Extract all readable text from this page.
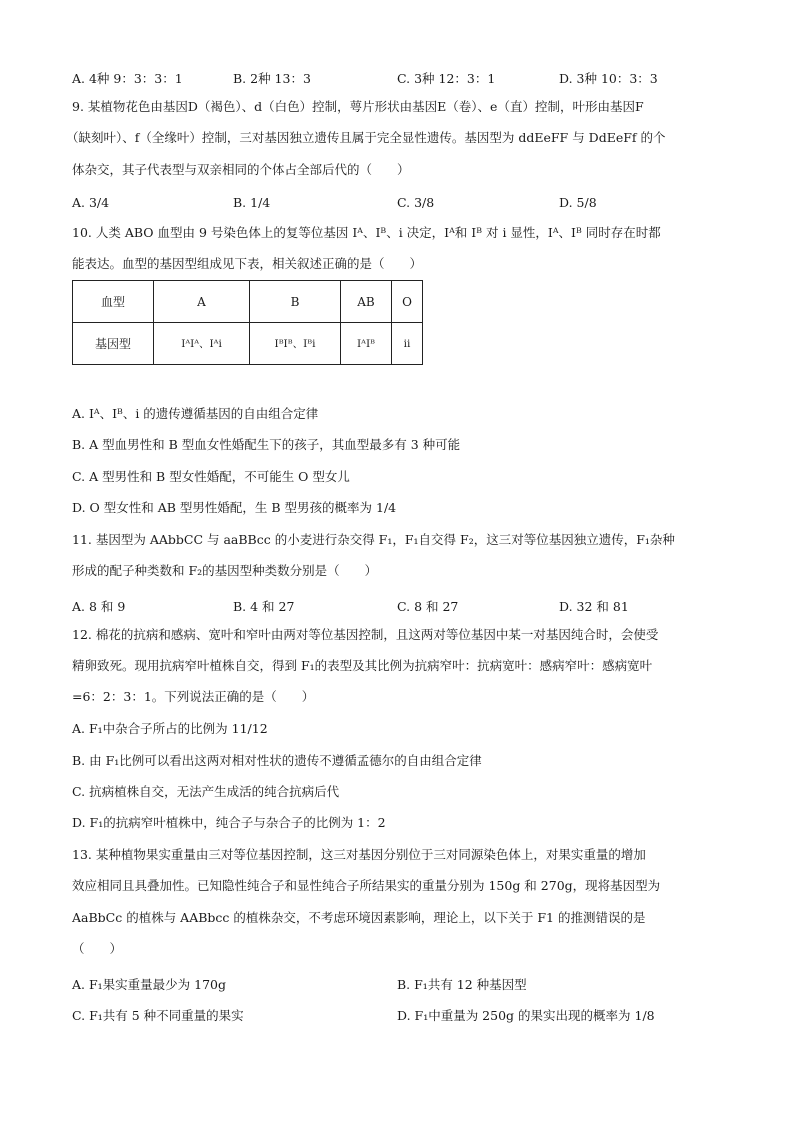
A. 4种 9：3：3：1	B. 2种 13：3	C. 3种 12：3：1	D. 3种 10：3：3
9. 某植物花色由基因D（褐色）、d（白色）控制，萼片形状由基因E（卷）、e（直）控制，叶形由基因F
（缺刻叶）、f（全缘叶）控制，三对基因独立遗传且属于完全显性遗传。基因型为 ddEeFF 与 DdEeFf 的个
体杂交，其子代表型与双亲相同的个体占全部后代的（　　）
A. 3/4	B. 1/4	C. 3/8	D. 5/8
10. 人类 ABO 血型由 9 号染色体上的复等位基因 Iᴬ、Iᴮ、i 决定，Iᴬ和 Iᴮ 对 i 显性，Iᴬ、Iᴮ 同时存在时都
能表达。血型的基因型组成见下表，相关叙述正确的是（　　）
血型	A	B	AB	O
基因型	IᴬIᴬ、Iᴬi	IᴮIᴮ、Iᴮi	IᴬIᴮ	ii
A. Iᴬ、Iᴮ、i 的遗传遵循基因的自由组合定律
B. A 型血男性和 B 型血女性婚配生下的孩子，其血型最多有 3 种可能
C. A 型男性和 B 型女性婚配，不可能生 O 型女儿
D. O 型女性和 AB 型男性婚配，生 B 型男孩的概率为 1/4
11. 基因型为 AAbbCC 与 aaBBcc 的小麦进行杂交得 F₁，F₁自交得 F₂，这三对等位基因独立遗传，F₁杂种
形成的配子种类数和 F₂的基因型种类数分别是（　　）
A. 8 和 9	B. 4 和 27	C. 8 和 27	D. 32 和 81
12. 棉花的抗病和感病、宽叶和窄叶由两对等位基因控制，且这两对等位基因中某一对基因纯合时，会使受
精卵致死。现用抗病窄叶植株自交，得到 F₁的表型及其比例为抗病窄叶：抗病宽叶：感病窄叶：感病宽叶
=6：2：3：1。下列说法正确的是（　　）
A. F₁中杂合子所占的比例为 11/12
B. 由 F₁比例可以看出这两对相对性状的遗传不遵循孟德尔的自由组合定律
C. 抗病植株自交，无法产生成活的纯合抗病后代
D. F₁的抗病窄叶植株中，纯合子与杂合子的比例为 1：2
13. 某种植物果实重量由三对等位基因控制，这三对基因分别位于三对同源染色体上，对果实重量的增加
效应相同且具叠加性。已知隐性纯合子和显性纯合子所结果实的重量分别为 150g 和 270g，现将基因型为
AaBbCc 的植株与 AABbcc 的植株杂交，不考虑环境因素影响，理论上，以下关于 F1 的推测错误的是
（　　）
A. F₁果实重量最少为 170g	B. F₁共有 12 种基因型
C. F₁共有 5 种不同重量的果实	D. F₁中重量为 250g 的果实出现的概率为 1/8
